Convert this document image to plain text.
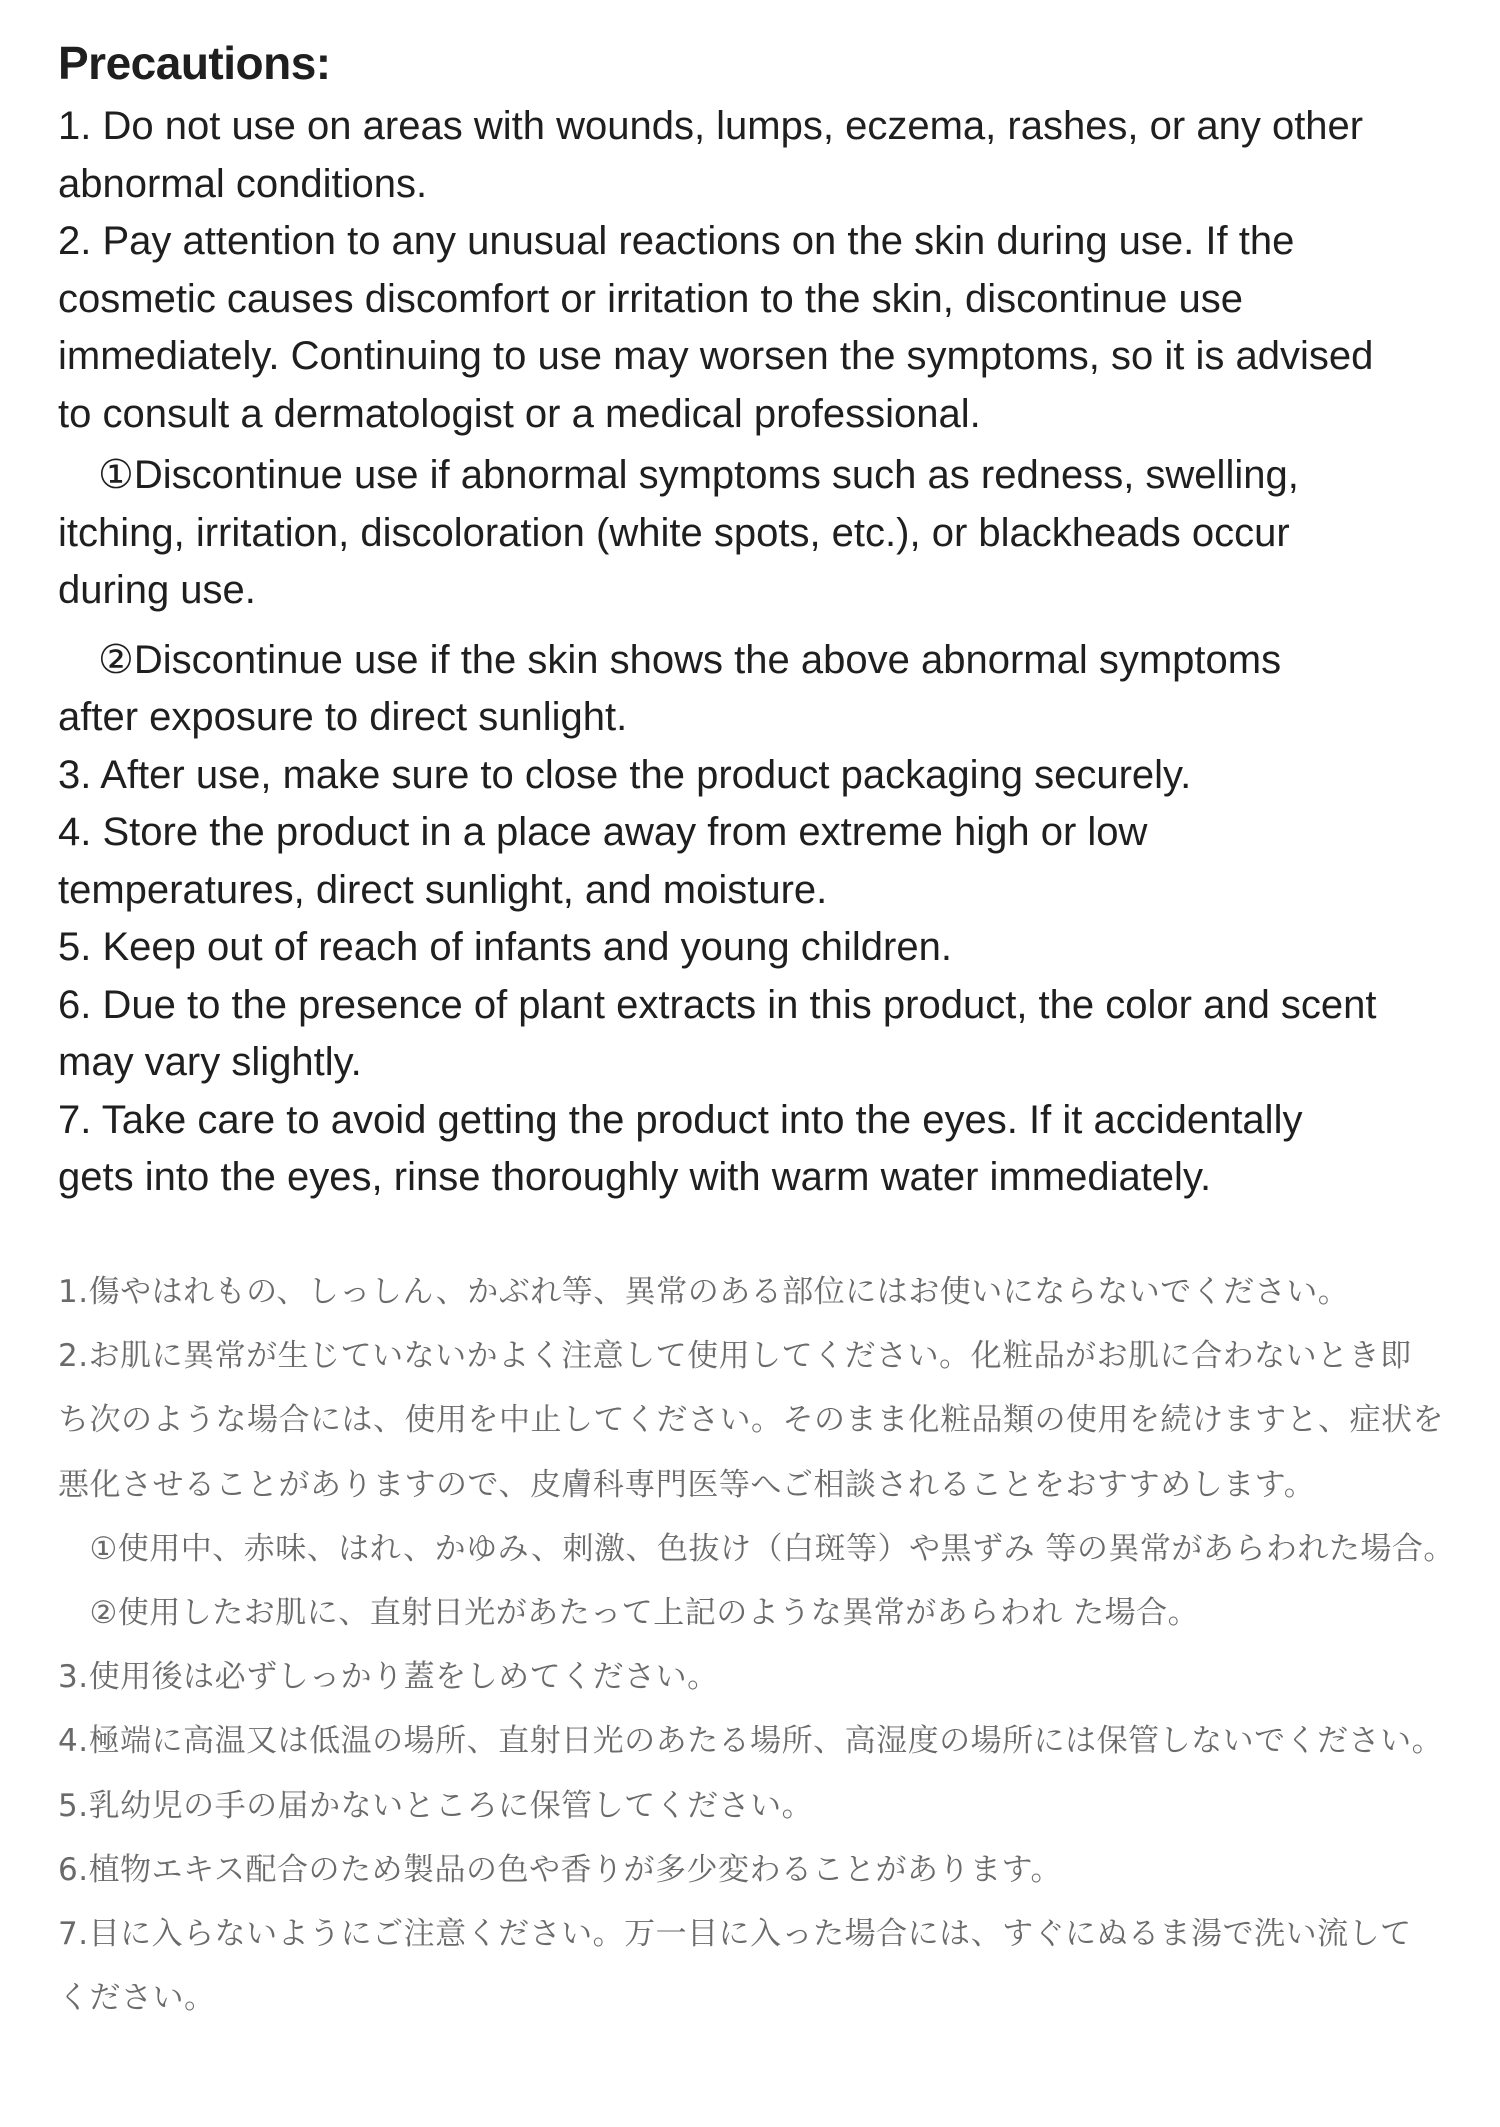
Precautions:

1. Do not use on areas with wounds, lumps, eczema, rashes, or any other

abnormal conditions.

2. Pay attention to any unusual reactions on the skin during use. If the

cosmetic causes discomfort or irritation to the skin, discontinue use

immediately. Continuing to use may worsen the symptoms, so it is advised

to consult a dermatologist or a medical professional.

　①Discontinue use if abnormal symptoms such as redness, swelling,

itching, irritation, discoloration (white spots, etc.), or blackheads occur

during use.

　②Discontinue use if the skin shows the above abnormal symptoms

after exposure to direct sunlight.

3. After use, make sure to close the product packaging securely.

4. Store the product in a place away from extreme high or low

temperatures, direct sunlight, and moisture.

5. Keep out of reach of infants and young children.

6. Due to the presence of plant extracts in this product, the color and scent

may vary slightly.

7. Take care to avoid getting the product into the eyes. If it accidentally

gets into the eyes, rinse thoroughly with warm water immediately.

1.傷やはれもの、しっしん、かぶれ等、異常のある部位にはお使いにならないでください。

2.お肌に異常が生じていないかよく注意して使用してください。化粧品がお肌に合わないとき即

ち次のような場合には、使用を中止してください。そのまま化粧品類の使用を続けますと、症状を

悪化させることがありますので、皮膚科専門医等へご相談されることをおすすめします。

　①使用中、赤味、はれ、かゆみ、刺激、色抜け（白斑等）や黒ずみ 等の異常があらわれた場合。

　②使用したお肌に、直射日光があたって上記のような異常があらわれ た場合。

3.使用後は必ずしっかり蓋をしめてください。

4.極端に高温又は低温の場所、直射日光のあたる場所、高湿度の場所には保管しないでください。

5.乳幼児の手の届かないところに保管してください。

6.植物エキス配合のため製品の色や香りが多少変わることがあります。

7.目に入らないようにご注意ください。万一目に入った場合には、すぐにぬるま湯で洗い流して

ください。
